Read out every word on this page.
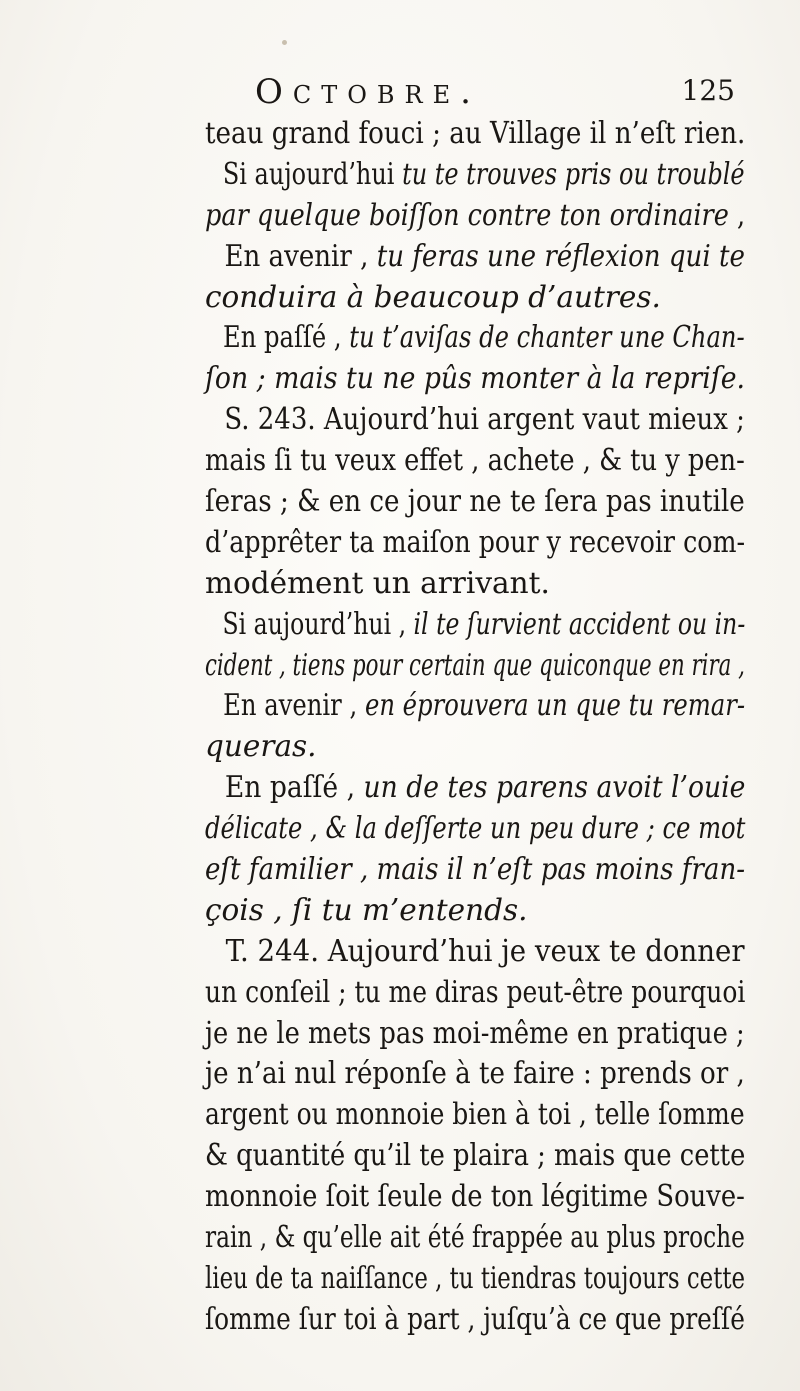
Octobre.	125
teau grand fouci ; au Village il n’eſt rien.
Si aujourd’hui tu te trouves pris ou troublé
par quelque boiſſon contre ton ordinaire ,
En avenir , tu feras une réflexion qui te
conduira à beaucoup d’autres.
En paſſé , tu t’aviſas de chanter une Chan-
ſon ; mais tu ne pûs monter à la repriſe.
S. 243. Aujourd’hui argent vaut mieux ;
mais ſi tu veux effet , achete , & tu y pen-
ſeras ; & en ce jour ne te ſera pas inutile
d’apprêter ta maiſon pour y recevoir com-
modément un arrivant.
Si aujourd’hui , il te ſurvient accident ou in-
cident , tiens pour certain que quiconque en rira ,
En avenir , en éprouvera un que tu remar-
queras.
En paſſé , un de tes parens avoit l’ouie
délicate , & la deſſerte un peu dure ; ce mot
eſt familier , mais il n’eſt pas moins fran-
çois , ſi tu m’entends.
T. 244. Aujourd’hui je veux te donner
un conſeil ; tu me diras peut-être pourquoi
je ne le mets pas moi-même en pratique ;
je n’ai nul réponſe à te faire : prends or ,
argent ou monnoie bien à toi , telle ſomme
& quantité qu’il te plaira ; mais que cette
monnoie ſoit ſeule de ton légitime Souve-
rain , & qu’elle ait été frappée au plus proche
lieu de ta naiſſance , tu tiendras toujours cette
ſomme ſur toi à part , juſqu’à ce que preſſé
